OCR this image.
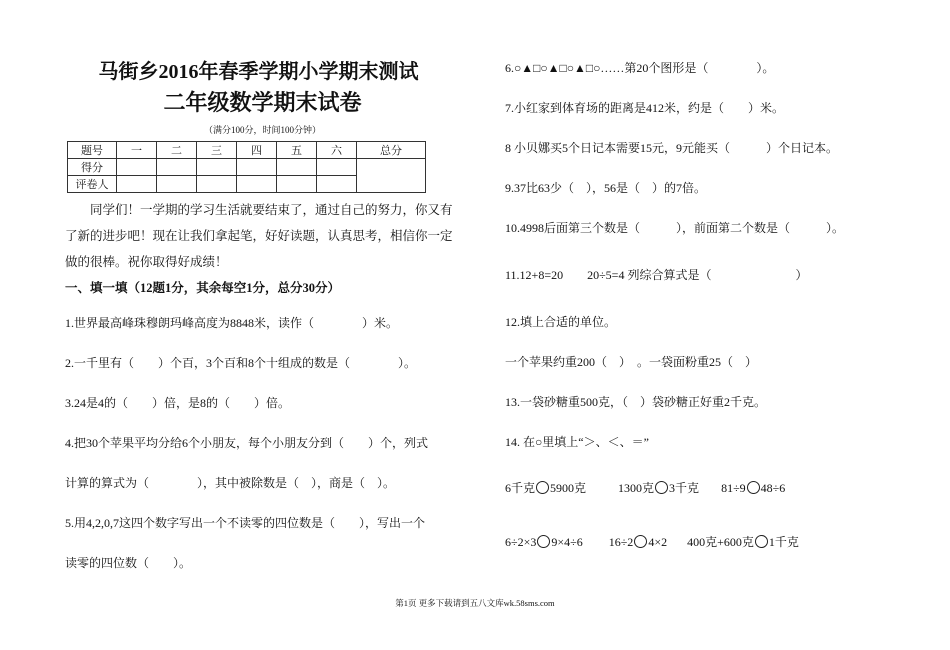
马街乡2016年春季学期小学期末测试
二年级数学期末试卷
（满分100分，时间100分钟）
题号	一	二	三	四	五	六	总分
得分							
评卷人							
同学们！一学期的学习生活就要结束了，通过自己的努力，你又有了新的进步吧！现在让我们拿起笔，好好读题，认真思考，相信你一定做的很棒。祝你取得好成绩！
一、填一填（12题1分，其余每空1分，总分30分）
1.世界最高峰珠穆朗玛峰高度为8848米，读作（　　　　）米。
2.一千里有（　　）个百，3个百和8个十组成的数是（　　　　）。
3.24是4的（　　）倍，是8的（　　）倍。
4.把30个苹果平均分给6个小朋友，每个小朋友分到（　　）个，列式
计算的算式为（　　　　），其中被除数是（　），商是（　）。
5.用4,2,0,7这四个数字写出一个不读零的四位数是（　　），写出一个
读零的四位数（　　）。
6.○▲□○▲□○▲□○……第20个图形是（　　　　）。
7.小红家到体育场的距离是412米，约是（　　）米。
8 小贝娜买5个日记本需要15元，9元能买（　　　）个日记本。
9.37比63少（　），56是（　）的7倍。
10.4998后面第三个数是（　　　），前面第二个数是（　　　）。
11.12+8=20　　20÷5=4 列综合算式是（　　　　　　　）
12.填上合适的单位。
一个苹果约重200（　）　。一袋面粉重25（　）
13.一袋砂糖重500克，（　）袋砂糖正好重2千克。
14. 在○里填上“＞、＜、＝”
6千克 5900克	1300克 3千克 81÷9 48÷6
6÷2×3 9×4÷6 16÷2 4×2 400克+600克 1千克
第1页 更多下载请到五八文库wk.58sms.com
